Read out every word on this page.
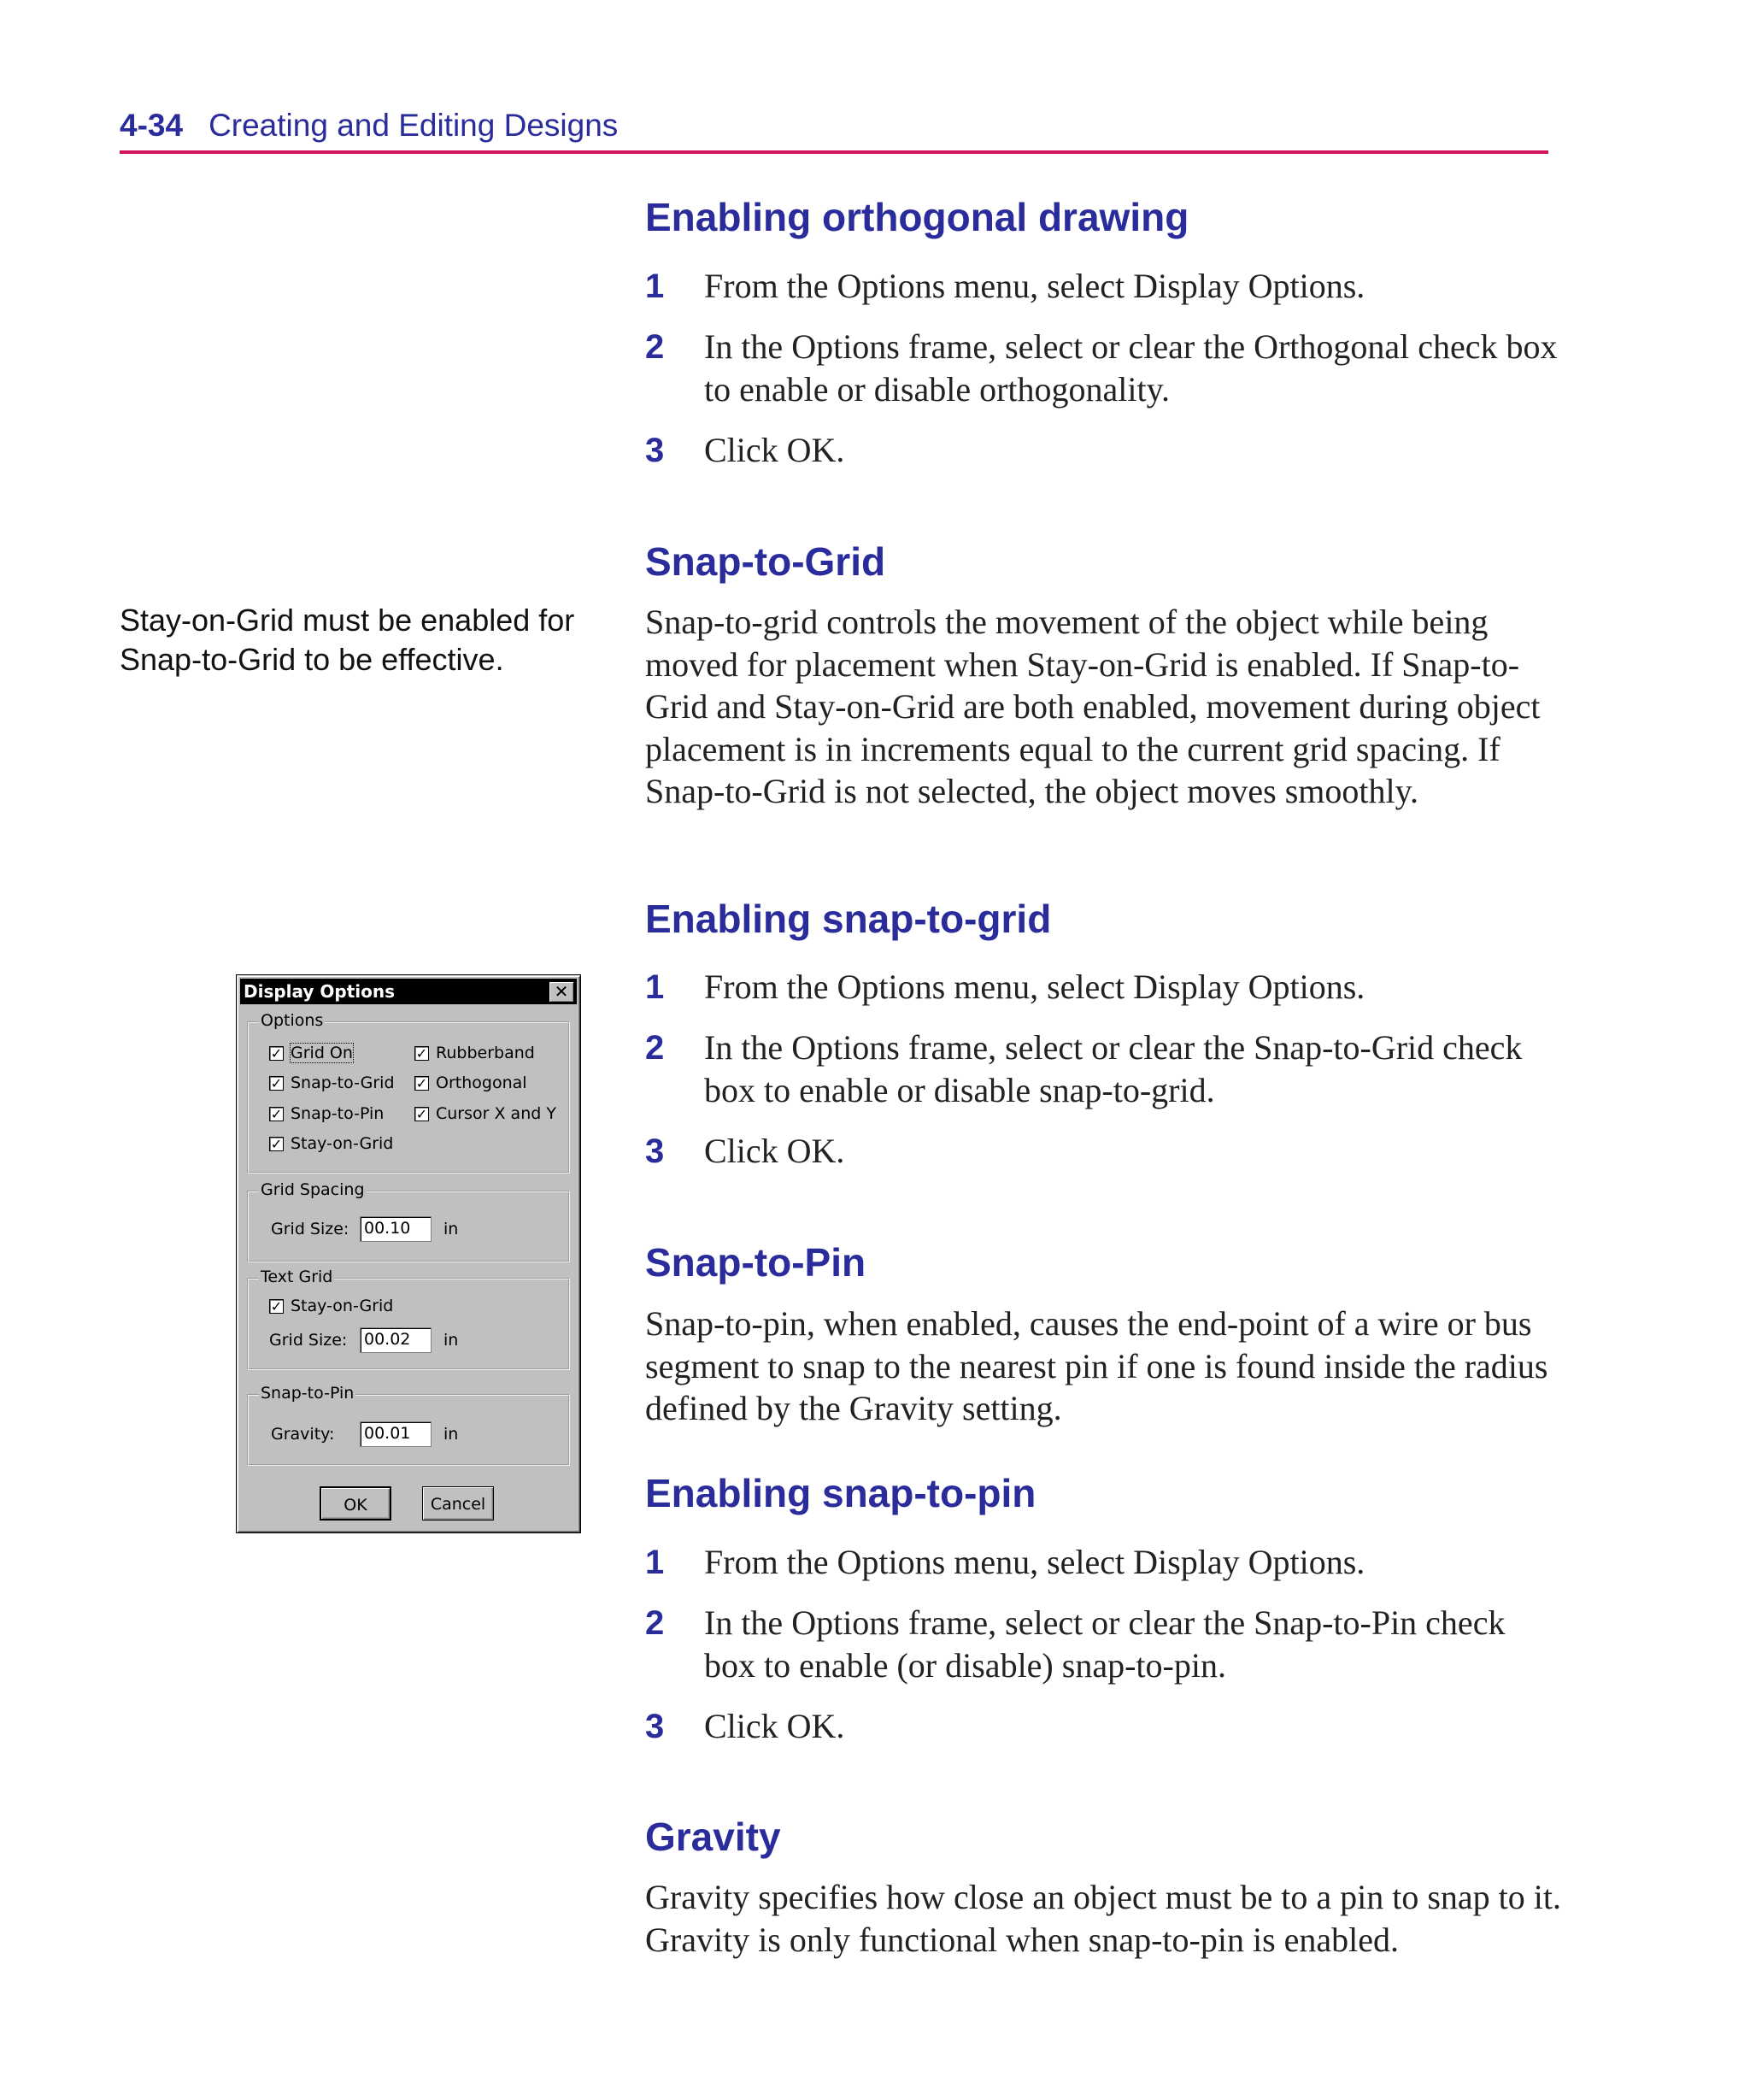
4-34 Creating and Editing Designs
Enabling orthogonal drawing
1 From the Options menu, select Display Options.
2 In the Options frame, select or clear the Orthogonal check box to enable or disable orthogonality.
3 Click OK.
Snap-to-Grid

Snap-to-grid controls the movement of the object while being moved for placement when Stay-on-Grid is enabled. If Snap-to-Grid and Stay-on-Grid are both enabled, movement during object placement is in increments equal to the current grid spacing. If Snap-to-Grid is not selected, the object moves smoothly.

Stay-on-Grid must be enabled for Snap-to-Grid to be effective.
Enabling snap-to-grid
1 From the Options menu, select Display Options.
2 In the Options frame, select or clear the Snap-to-Grid check box to enable or disable snap-to-grid.
3 Click OK.
Snap-to-Pin

Snap-to-pin, when enabled, causes the end-point of a wire or bus segment to snap to the nearest pin if one is found inside the radius defined by the Gravity setting.

Enabling snap-to-pin
1 From the Options menu, select Display Options.
2 In the Options frame, select or clear the Snap-to-Pin check box to enable (or disable) snap-to-pin.
3 Click OK.
Gravity

Gravity specifies how close an object must be to a pin to snap to it. Gravity is only functional when snap-to-pin is enabled.

Display Options	✕
Options
✓ Grid On	✓ Rubberband
✓ Snap-to-Grid ✓ Orthogonal
✓ Snap-to-Pin ✓ Cursor X and Y
✓ Stay-on-Grid
Grid Spacing
Grid Size: 00.10	in
Text Grid
✓ Stay-on-Grid
Grid Size:	00.02	in
Snap-to-Pin
Gravity:	00.01	in
OK	Cancel
